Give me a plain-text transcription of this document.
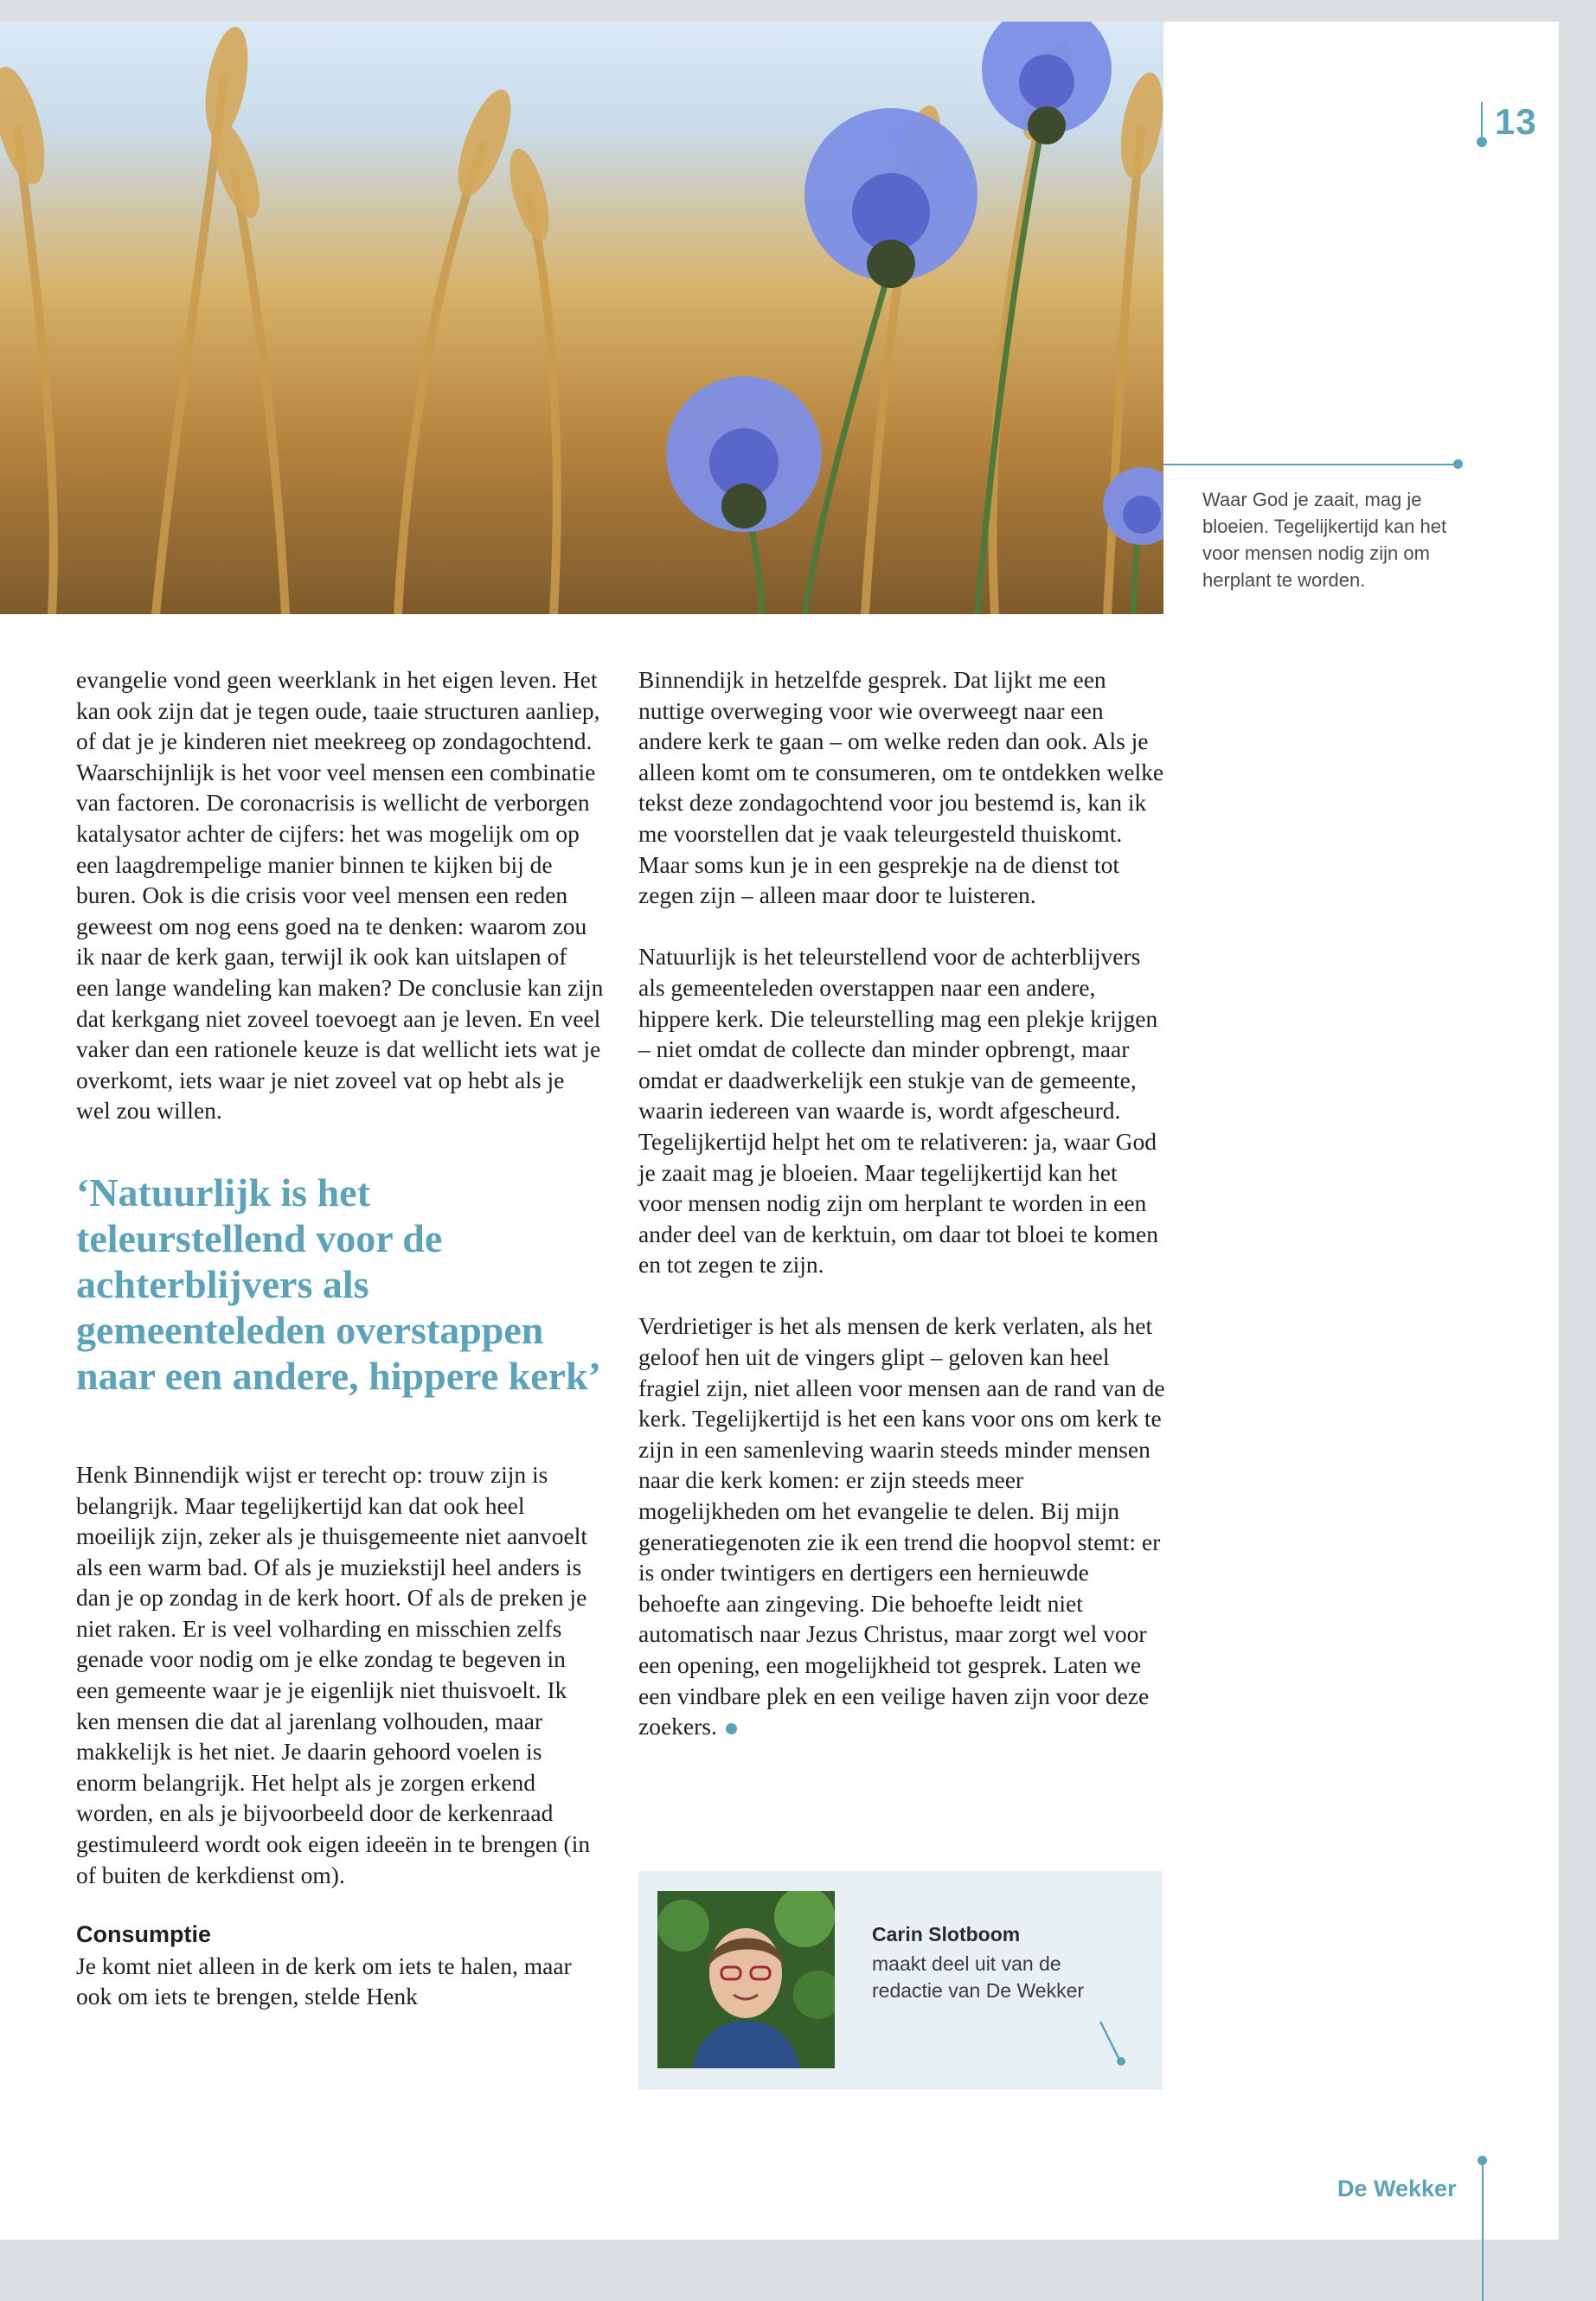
13
Waar God je zaait, mag je bloeien. Tegelijkertijd kan het voor mensen nodig zijn om herplant te worden.

evangelie vond geen weerklank in het eigen leven. Het kan ook zijn dat je tegen oude, taaie structuren aanliep, of dat je je kinderen niet meekreeg op zondagochtend. Waarschijnlijk is het voor veel mensen een combinatie van factoren. De coronacrisis is wellicht de verborgen katalysator achter de cijfers: het was mogelijk om op een laagdrempelige manier binnen te kijken bij de buren. Ook is die crisis voor veel mensen een reden geweest om nog eens goed na te denken: waarom zou ik naar de kerk gaan, terwijl ik ook kan uitslapen of een lange wandeling kan maken? De conclusie kan zijn dat kerkgang niet zoveel toevoegt aan je leven. En veel vaker dan een rationele keuze is dat wellicht iets wat je overkomt, iets waar je niet zoveel vat op hebt als je wel zou willen.

‘Natuurlijk is het teleurstellend voor de achterblijvers als gemeenteleden overstappen naar een andere, hippere kerk’

Henk Binnendijk wijst er terecht op: trouw zijn is belangrijk. Maar tegelijkertijd kan dat ook heel moeilijk zijn, zeker als je thuisgemeente niet aanvoelt als een warm bad. Of als je muziekstijl heel anders is dan je op zondag in de kerk hoort. Of als de preken je niet raken. Er is veel volharding en misschien zelfs genade voor nodig om je elke zondag te begeven in een gemeente waar je je eigenlijk niet thuisvoelt. Ik ken mensen die dat al jarenlang volhouden, maar makkelijk is het niet. Je daarin gehoord voelen is enorm belangrijk. Het helpt als je zorgen erkend worden, en als je bijvoorbeeld door de kerkenraad gestimuleerd wordt ook eigen ideeën in te brengen (in of buiten de kerkdienst om).

Consumptie

Je komt niet alleen in de kerk om iets te halen, maar ook om iets te brengen, stelde Henk

Binnendijk in hetzelfde gesprek. Dat lijkt me een nuttige overweging voor wie overweegt naar een andere kerk te gaan – om welke reden dan ook. Als je alleen komt om te consumeren, om te ontdekken welke tekst deze zondagochtend voor jou bestemd is, kan ik me voorstellen dat je vaak teleurgesteld thuiskomt. Maar soms kun je in een gesprekje na de dienst tot zegen zijn – alleen maar door te luisteren.

Natuurlijk is het teleurstellend voor de achterblijvers als gemeenteleden overstappen naar een andere, hippere kerk. Die teleurstelling mag een plekje krijgen – niet omdat de collecte dan minder opbrengt, maar omdat er daadwerkelijk een stukje van de gemeente, waarin iedereen van waarde is, wordt afgescheurd. Tegelijkertijd helpt het om te relativeren: ja, waar God je zaait mag je bloeien. Maar tegelijkertijd kan het voor mensen nodig zijn om herplant te worden in een ander deel van de kerktuin, om daar tot bloei te komen en tot zegen te zijn.

Verdrietiger is het als mensen de kerk verlaten, als het geloof hen uit de vingers glipt – geloven kan heel fragiel zijn, niet alleen voor mensen aan de rand van de kerk. Tegelijkertijd is het een kans voor ons om kerk te zijn in een samenleving waarin steeds minder mensen naar die kerk komen: er zijn steeds meer mogelijkheden om het evangelie te delen. Bij mijn generatiegenoten zie ik een trend die hoopvol stemt: er is onder twintigers en dertigers een hernieuwde behoefte aan zingeving. Die behoefte leidt niet automatisch naar Jezus Christus, maar zorgt wel voor een opening, een mogelijkheid tot gesprek. Laten we een vindbare plek en een veilige haven zijn voor deze zoekers.

Carin Slotboom
maakt deel uit van de redactie van De Wekker
De Wekker
